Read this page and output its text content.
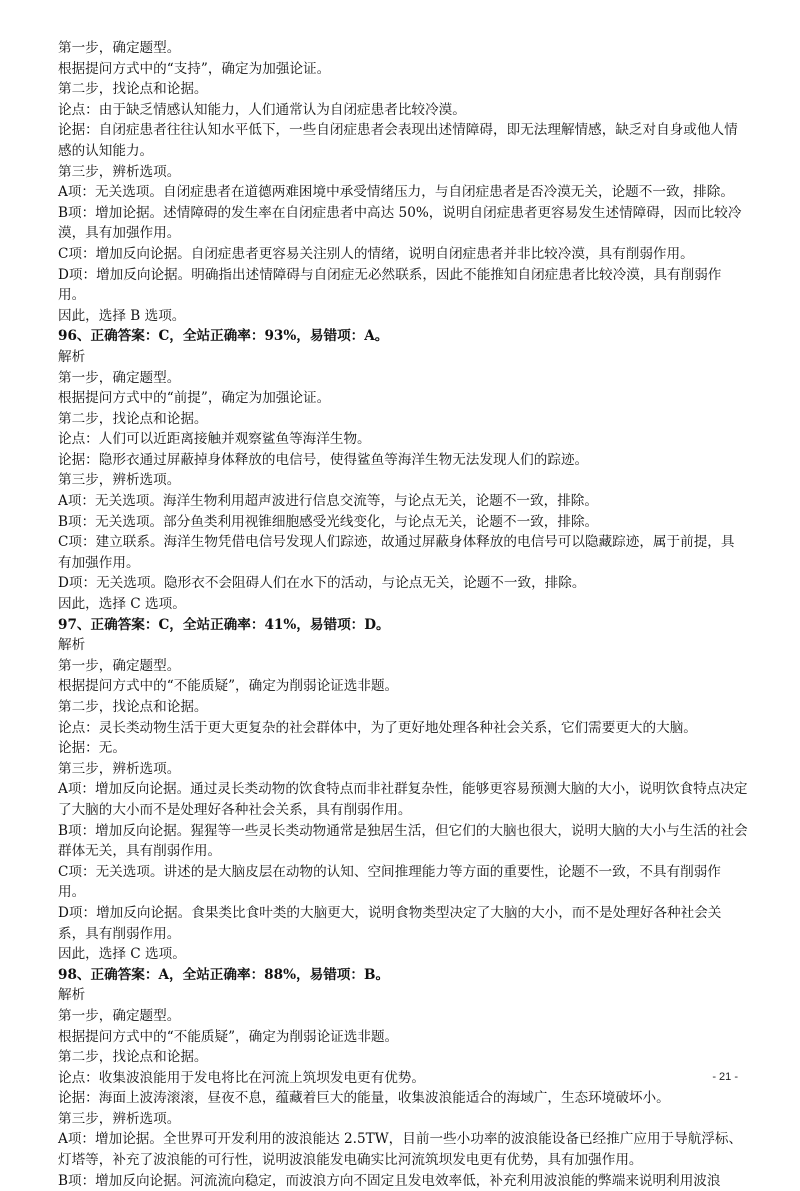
第一步，确定题型。

根据提问方式中的“支持”，确定为加强论证。

第二步，找论点和论据。

论点：由于缺乏情感认知能力，人们通常认为自闭症患者比较冷漠。

论据：自闭症患者往往认知水平低下，一些自闭症患者会表现出述情障碍，即无法理解情感，缺乏对自身或他人情感的认知能力。

第三步，辨析选项。

A项：无关选项。自闭症患者在道德两难困境中承受情绪压力，与自闭症患者是否冷漠无关，论题不一致，排除。

B项：增加论据。述情障碍的发生率在自闭症患者中高达 50%，说明自闭症患者更容易发生述情障碍，因而比较冷漠，具有加强作用。

C项：增加反向论据。自闭症患者更容易关注别人的情绪，说明自闭症患者并非比较冷漠，具有削弱作用。

D项：增加反向论据。明确指出述情障碍与自闭症无必然联系，因此不能推知自闭症患者比较冷漠，具有削弱作用。

因此，选择 B 选项。

96、正确答案：C，全站正确率：93%，易错项：A。

解析

第一步，确定题型。

根据提问方式中的“前提”，确定为加强论证。

第二步，找论点和论据。

论点：人们可以近距离接触并观察鲨鱼等海洋生物。

论据：隐形衣通过屏蔽掉身体释放的电信号，使得鲨鱼等海洋生物无法发现人们的踪迹。

第三步，辨析选项。

A项：无关选项。海洋生物利用超声波进行信息交流等，与论点无关，论题不一致，排除。

B项：无关选项。部分鱼类利用视锥细胞感受光线变化，与论点无关，论题不一致，排除。

C项：建立联系。海洋生物凭借电信号发现人们踪迹，故通过屏蔽身体释放的电信号可以隐藏踪迹，属于前提，具有加强作用。

D项：无关选项。隐形衣不会阻碍人们在水下的活动，与论点无关，论题不一致，排除。

因此，选择 C 选项。

97、正确答案：C，全站正确率：41%，易错项：D。

解析

第一步，确定题型。

根据提问方式中的“不能质疑”，确定为削弱论证选非题。

第二步，找论点和论据。

论点：灵长类动物生活于更大更复杂的社会群体中，为了更好地处理各种社会关系，它们需要更大的大脑。

论据：无。

第三步，辨析选项。

A项：增加反向论据。通过灵长类动物的饮食特点而非社群复杂性，能够更容易预测大脑的大小，说明饮食特点决定了大脑的大小而不是处理好各种社会关系，具有削弱作用。

B项：增加反向论据。猩猩等一些灵长类动物通常是独居生活，但它们的大脑也很大，说明大脑的大小与生活的社会群体无关，具有削弱作用。

C项：无关选项。讲述的是大脑皮层在动物的认知、空间推理能力等方面的重要性，论题不一致，不具有削弱作用。

D项：增加反向论据。食果类比食叶类的大脑更大，说明食物类型决定了大脑的大小，而不是处理好各种社会关系，具有削弱作用。

因此，选择 C 选项。

98、正确答案：A，全站正确率：88%，易错项：B。

解析

第一步，确定题型。

根据提问方式中的“不能质疑”，确定为削弱论证选非题。

第二步，找论点和论据。

论点：收集波浪能用于发电将比在河流上筑坝发电更有优势。

论据：海面上波涛滚滚，昼夜不息，蕴藏着巨大的能量，收集波浪能适合的海域广，生态环境破坏小。

第三步，辨析选项。

A项：增加论据。全世界可开发利用的波浪能达 2.5TW，目前一些小功率的波浪能设备已经推广应用于导航浮标、灯塔等，补充了波浪能的可行性，说明波浪能发电确实比河流筑坝发电更有优势，具有加强作用。

B项：增加反向论据。河流流向稳定，而波浪方向不固定且发电效率低，补充利用波浪能的弊端来说明利用波浪

- 21 -
